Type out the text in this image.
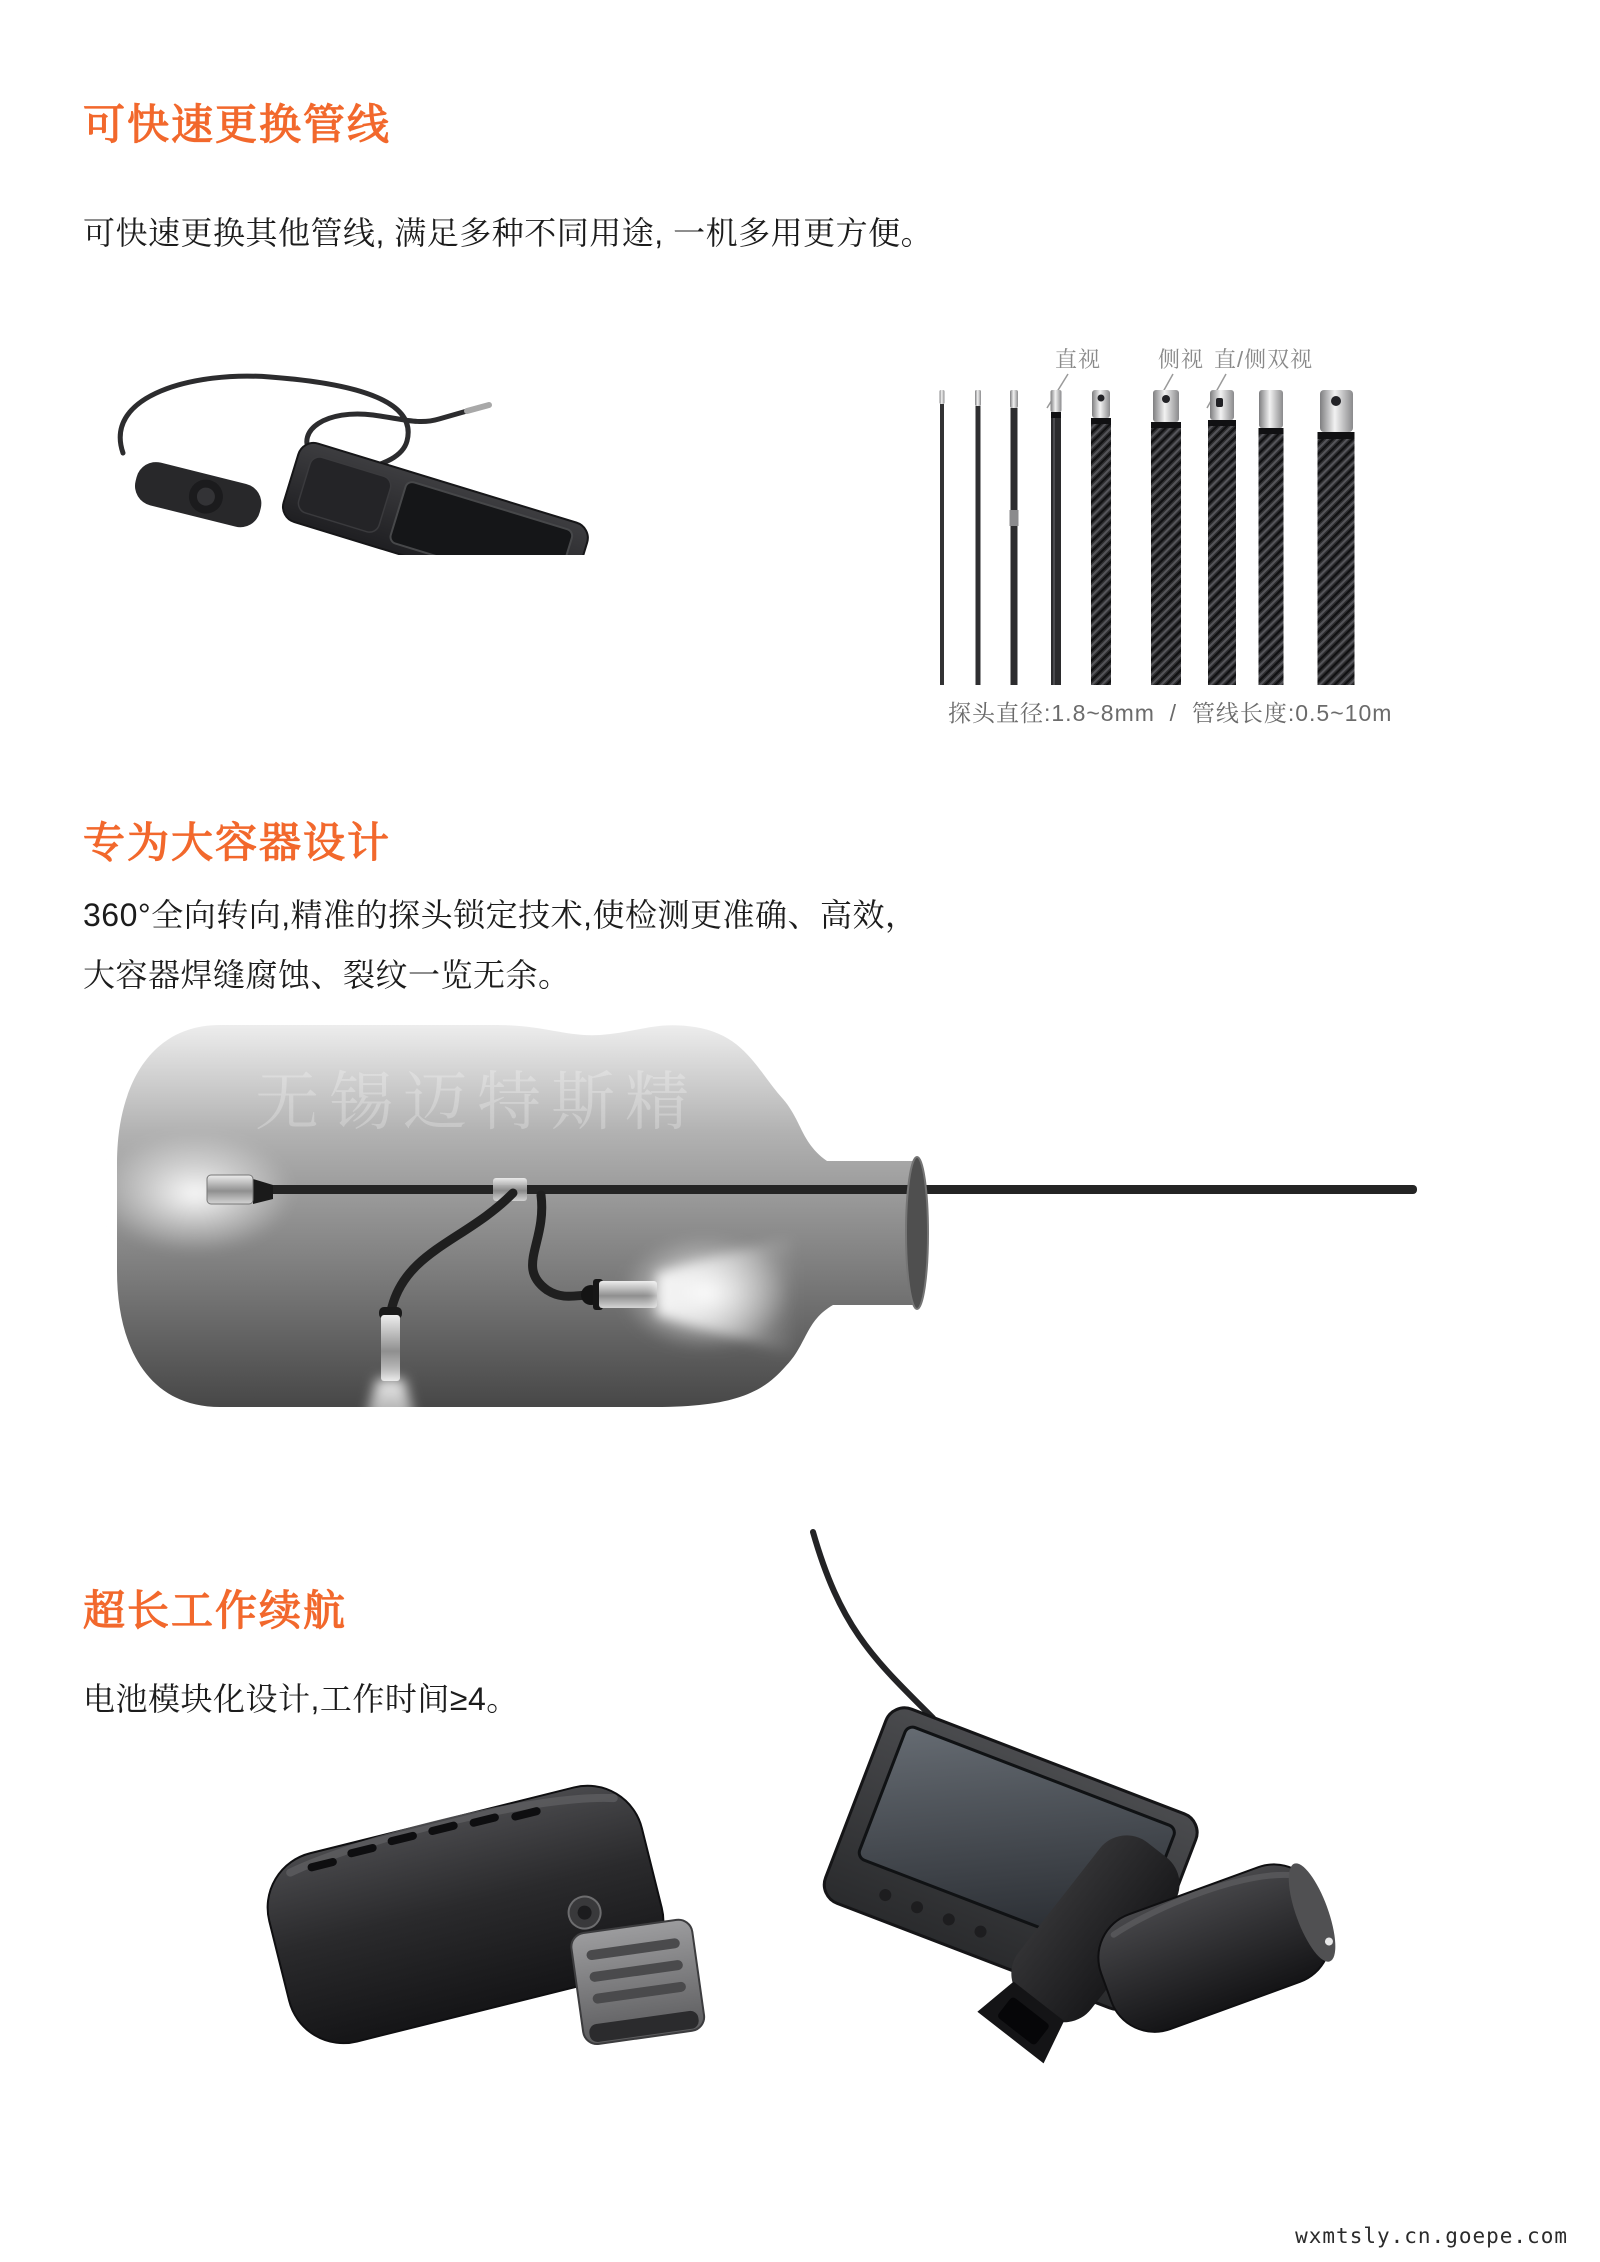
可快速更换管线

可快速更换其他管线, 满足多种不同用途, 一机多用更方便。

直视	侧视 直/侧双视
探头直径:1.8~8mm  /  管线长度:0.5~10m
专为大容器设计

360°全向转向,精准的探头锁定技术,使检测更准确、高效，

大容器焊缝腐蚀、裂纹一览无余。

无锡迈特斯精
超长工作续航

电池模块化设计,工作时间≥4。

wxmtsly.cn.goepe.com
